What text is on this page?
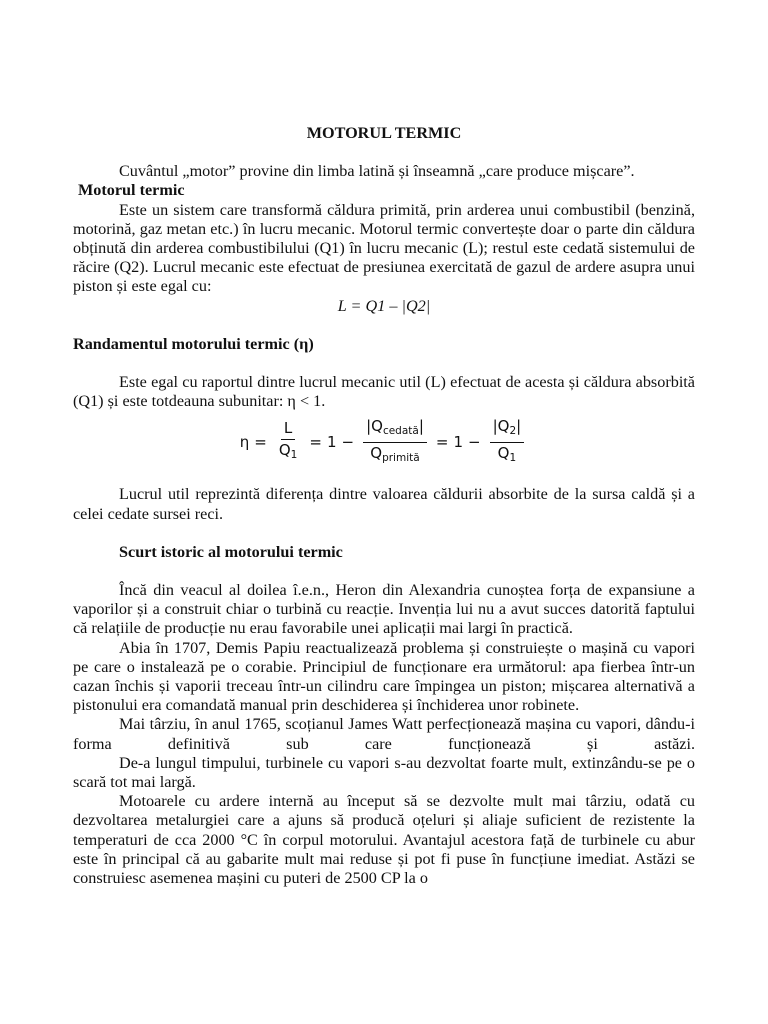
MOTORUL TERMIC

Cuvântul „motor” provine din limba latină și înseamnă „care produce mișcare”.

Motorul termic

Este un sistem care transformă căldura primită, prin arderea unui combustibil (benzină, motorină, gaz metan etc.) în lucru mecanic. Motorul termic convertește doar o parte din căldura obținută din arderea combustibilului (Q1) în lucru mecanic (L); restul este cedată sistemului de răcire (Q2). Lucrul mecanic este efectuat de presiunea exercitată de gazul de ardere asupra unui piston și este egal cu:

L = Q1 – |Q2|

Randamentul motorului termic (η)

Este egal cu raportul dintre lucrul mecanic util (L) efectuat de acesta și căldura absorbită (Q1) și este totdeauna subunitar: η < 1.

$\eta = \frac{L}{Q_1} = 1 - \frac{|Q_{cedată}|}{Q_{primită}} = 1 - \frac{|Q_2|}{Q_1}$

Lucrul util reprezintă diferența dintre valoarea căldurii absorbite de la sursa caldă și a celei cedate sursei reci.

Scurt istoric al motorului termic

Încă din veacul al doilea î.e.n., Heron din Alexandria cunoștea forța de expansiune a vaporilor și a construit chiar o turbină cu reacție. Invenția lui nu a avut succes datorită faptului că relațiile de producție nu erau favorabile unei aplicații mai largi în practică.

Abia în 1707, Demis Papiu reactualizează problema și construiește o mașină cu vapori pe care o instalează pe o corabie. Principiul de funcționare era următorul: apa fierbea într-un cazan închis și vaporii treceau într-un cilindru care împingea un piston; mișcarea alternativă a pistonului era comandată manual prin deschiderea și închiderea unor robinete.

Mai târziu, în anul 1765, scoțianul James Watt perfecționează mașina cu vapori, dându-i forma definitivă sub care funcționează și astăzi.

De-a lungul timpului, turbinele cu vapori s-au dezvoltat foarte mult, extinzându-se pe o scară tot mai largă.

Motoarele cu ardere internă au început să se dezvolte mult mai târziu, odată cu dezvoltarea metalurgiei care a ajuns să producă oțeluri și aliaje suficient de rezistente la temperaturi de cca 2000 °C în corpul motorului. Avantajul acestora față de turbinele cu abur este în principal că au gabarite mult mai reduse și pot fi puse în funcțiune imediat. Astăzi se construiesc asemenea mașini cu puteri de 2500 CP la o
